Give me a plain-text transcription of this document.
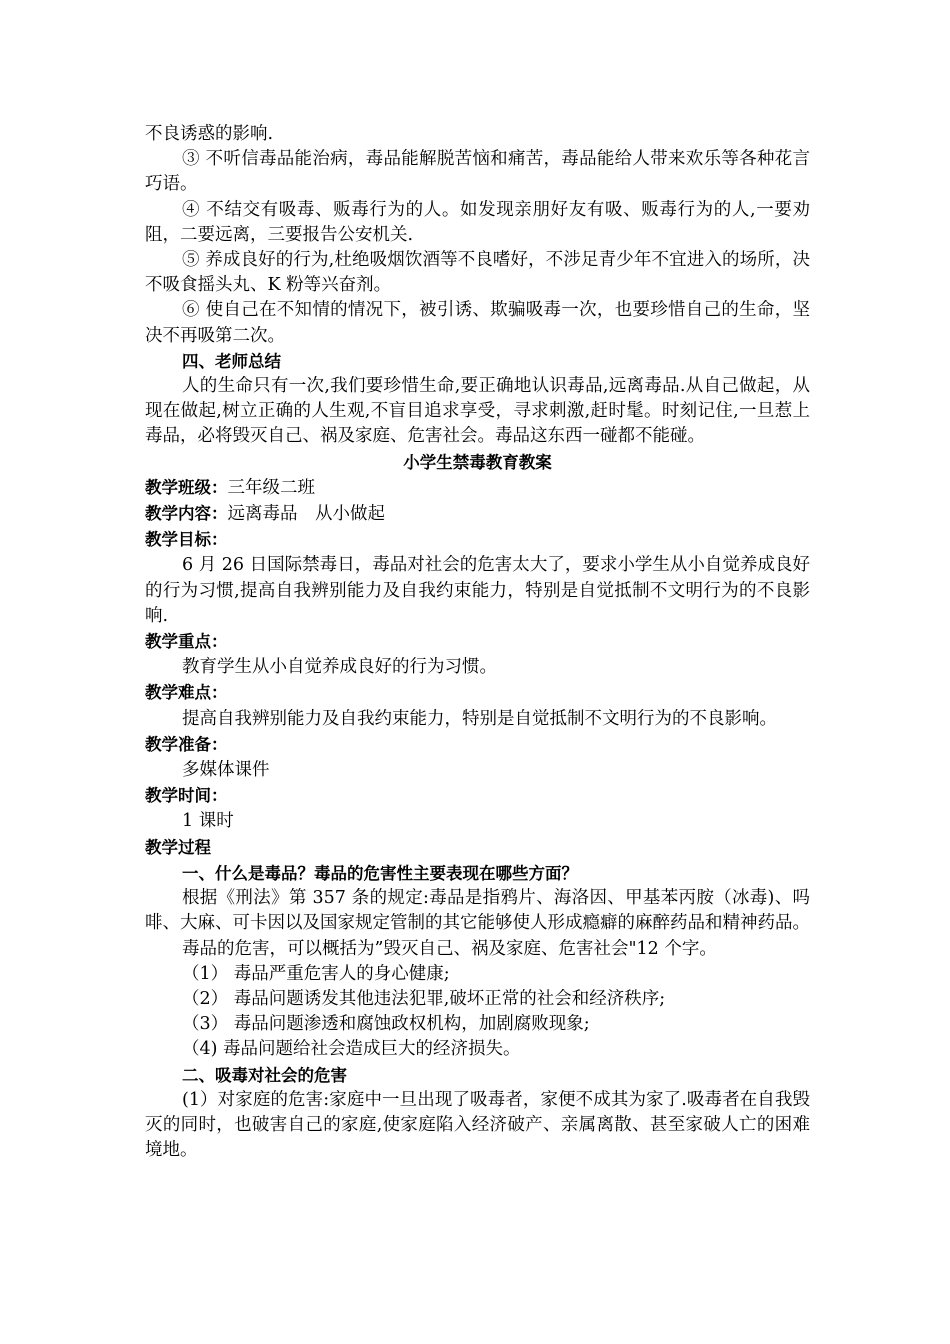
不良诱惑的影响.

③ 不听信毒品能治病，毒品能解脱苦恼和痛苦，毒品能给人带来欢乐等各种花言巧语。

④ 不结交有吸毒、贩毒行为的人。如发现亲朋好友有吸、贩毒行为的人,一要劝阻，二要远离，三要报告公安机关.

⑤ 养成良好的行为,杜绝吸烟饮酒等不良嗜好，不涉足青少年不宜进入的场所，决不吸食摇头丸、K 粉等兴奋剂。

⑥ 使自己在不知情的情况下，被引诱、欺骗吸毒一次，也要珍惜自己的生命，坚决不再吸第二次。

四、老师总结

人的生命只有一次,我们要珍惜生命,要正确地认识毒品,远离毒品.从自己做起，从现在做起,树立正确的人生观,不盲目追求享受，寻求刺激,赶时髦。时刻记住,一旦惹上毒品，必将毁灭自己、祸及家庭、危害社会。毒品这东西一碰都不能碰。

小学生禁毒教育教案

教学班级：三年级二班

教学内容：远离毒品　从小做起

教学目标：

6 月 26 日国际禁毒日，毒品对社会的危害太大了，要求小学生从小自觉养成良好的行为习惯,提高自我辨别能力及自我约束能力，特别是自觉抵制不文明行为的不良影响.

教学重点：

教育学生从小自觉养成良好的行为习惯。

教学难点：

提高自我辨别能力及自我约束能力，特别是自觉抵制不文明行为的不良影响。

教学准备：

多媒体课件

教学时间：

1 课时

教学过程

一、什么是毒品？毒品的危害性主要表现在哪些方面？

根据《刑法》第 357 条的规定:毒品是指鸦片、海洛因、甲基苯丙胺（冰毒)、吗啡、大麻、可卡因以及国家规定管制的其它能够使人形成瘾癖的麻醉药品和精神药品。

毒品的危害，可以概括为”毁灭自己、祸及家庭、危害社会"12 个字。

（1） 毒品严重危害人的身心健康;

（2） 毒品问题诱发其他违法犯罪,破坏正常的社会和经济秩序;

（3） 毒品问题渗透和腐蚀政权机构，加剧腐败现象;

（4) 毒品问题给社会造成巨大的经济损失。

二、吸毒对社会的危害

(1）对家庭的危害:家庭中一旦出现了吸毒者，家便不成其为家了.吸毒者在自我毁灭的同时，也破害自己的家庭,使家庭陷入经济破产、亲属离散、甚至家破人亡的困难境地。
